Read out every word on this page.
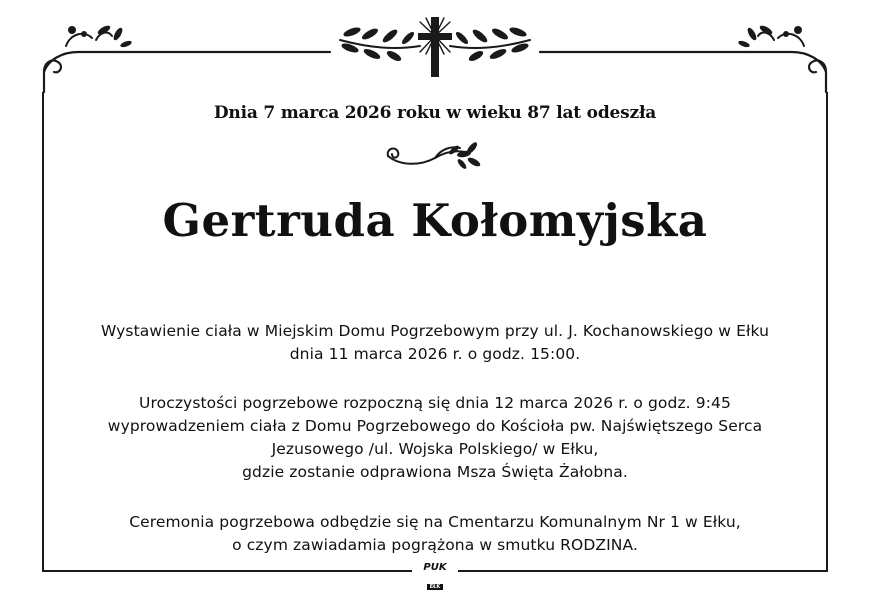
Dnia 7 marca 2026 roku w wieku 87 lat odeszła
Gertruda Kołomyjska
Wystawienie ciała w Miejskim Domu Pogrzebowym przy ul. J. Kochanowskiego w Ełku
dnia 11 marca 2026 r. o godz. 15:00.
Uroczystości pogrzebowe rozpoczną się dnia 12 marca 2026 r. o godz. 9:45
wyprowadzeniem ciała z Domu Pogrzebowego do Kościoła pw. Najświętszego Serca
Jezusowego /ul. Wojska Polskiego/ w Ełku,
gdzie zostanie odprawiona Msza Święta Żałobna.
Ceremonia pogrzebowa odbędzie się na Cmentarzu Komunalnym Nr 1 w Ełku,
o czym zawiadamia pogrążona w smutku RODZINA.
PUK
EŁK
